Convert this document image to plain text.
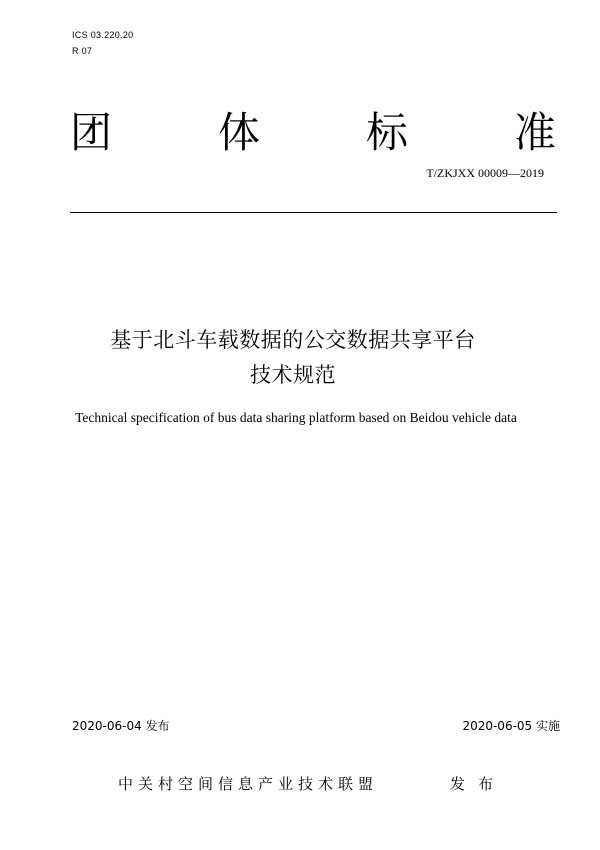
ICS 03.220.20
R 07
团	体	标	准
T/ZKJXX 00009—2019
基于北斗车载数据的公交数据共享平台
技术规范
Technical specification of bus data sharing platform based on Beidou vehicle data
2020-06-04 发布	2020-06-05 实施
中关村空间信息产业技术联盟	发布
